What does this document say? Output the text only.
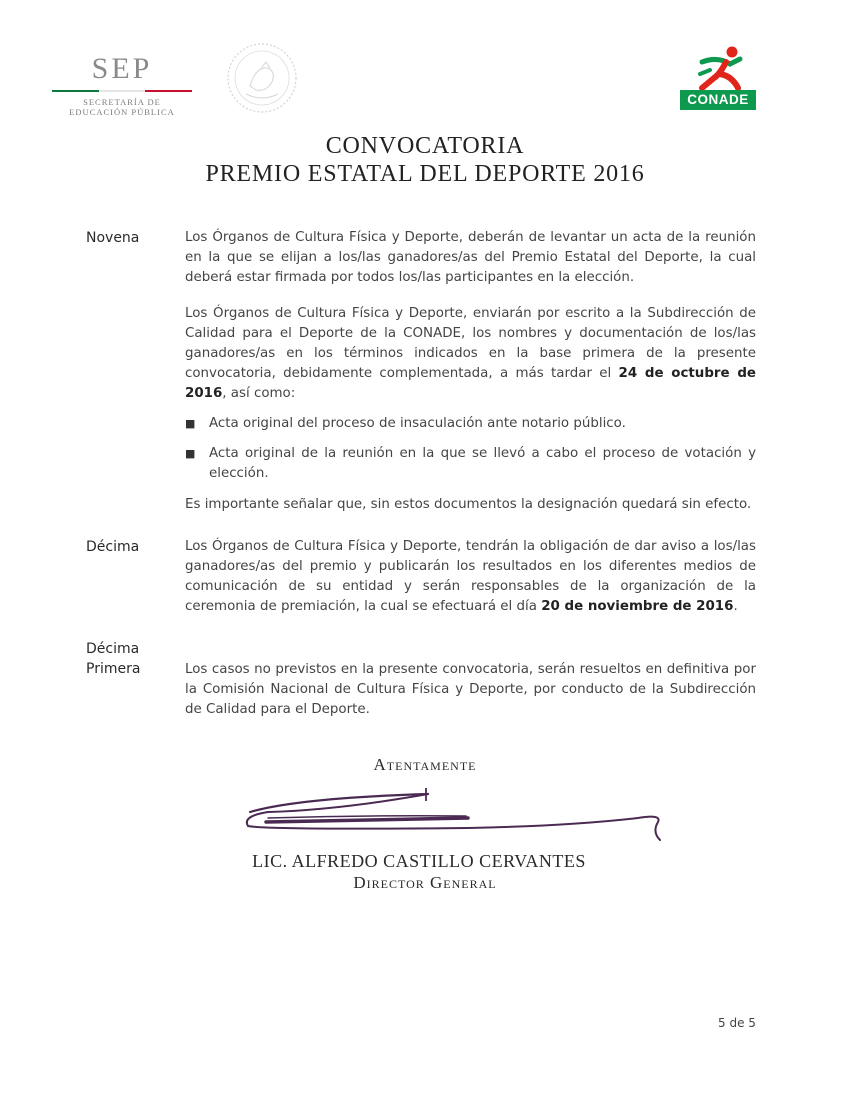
SEP
SECRETARÍA DE
EDUCACIÓN PÚBLICA
CONADE
CONVOCATORIA
PREMIO ESTATAL DEL DEPORTE 2016
Novena	Los Órganos de Cultura Física y Deporte, deberán de levantar un acta de la reunión en la que se elijan a los/las ganadores/as del Premio Estatal del Deporte, la cual deberá estar firmada por todos los/las participantes en la elección.

Los Órganos de Cultura Física y Deporte, enviarán por escrito a la Subdirección de Calidad para el Deporte de la CONADE, los nombres y documentación de los/las ganadores/as en los términos indicados en la base primera de la presente convocatoria, debidamente complementada, a más tardar el 24 de octubre de 2016, así como:

■ Acta original del proceso de insaculación ante notario público.

■ Acta original de la reunión en la que se llevó a cabo el proceso de votación y elección.

Es importante señalar que, sin estos documentos la designación quedará sin efecto.

Décima	Los Órganos de Cultura Física y Deporte, tendrán la obligación de dar aviso a los/las ganadores/as del premio y publicarán los resultados en los diferentes medios de comunicación de su entidad y serán responsables de la organización de la ceremonia de premiación, la cual se efectuará el día 20 de noviembre de 2016.

Décima
Primera	Los casos no previstos en la presente convocatoria, serán resueltos en definitiva por la Comisión Nacional de Cultura Física y Deporte, por conducto de la Subdirección de Calidad para el Deporte.

Atentamente
LIC. ALFREDO CASTILLO CERVANTES
Director General
5 de 5
